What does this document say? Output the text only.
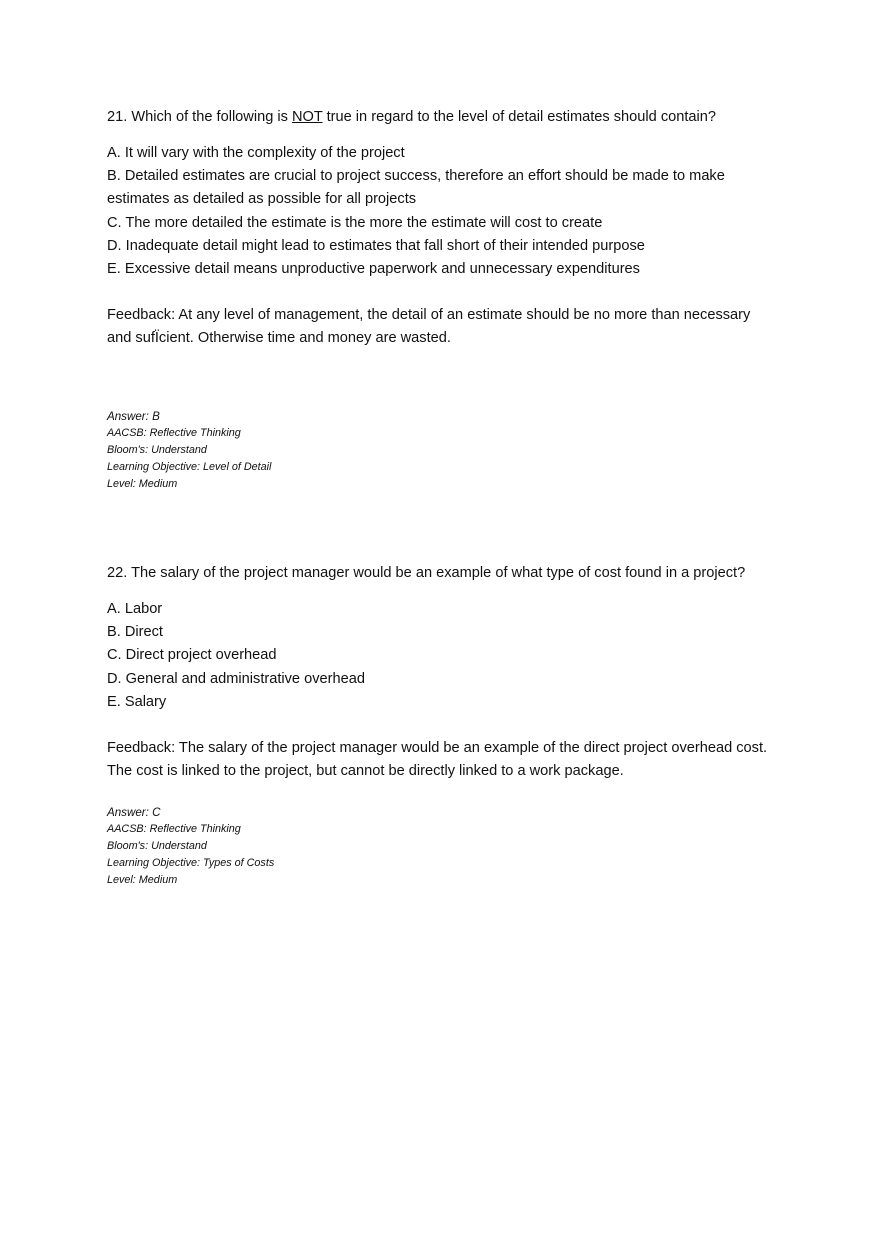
21. Which of the following is NOT true in regard to the level of detail estimates should contain?

A. It will vary with the complexity of the project
B. Detailed estimates are crucial to project success, therefore an effort should be made to make estimates as detailed as possible for all projects
C. The more detailed the estimate is the more the estimate will cost to create
D. Inadequate detail might lead to estimates that fall short of their intended purpose
E. Excessive detail means unproductive paperwork and unnecessary expenditures

Feedback: At any level of management, the detail of an estimate should be no more than necessary and sufÏcient. Otherwise time and money are wasted.

Answer: B
AACSB: Reflective Thinking
Bloom's: Understand
Learning Objective: Level of Detail
Level: Medium

22. The salary of the project manager would be an example of what type of cost found in a project?

A. Labor
B. Direct
C. Direct project overhead
D. General and administrative overhead
E. Salary

Feedback: The salary of the project manager would be an example of the direct project overhead cost. The cost is linked to the project, but cannot be directly linked to a work package.

Answer: C
AACSB: Reflective Thinking
Bloom's: Understand
Learning Objective: Types of Costs
Level: Medium
